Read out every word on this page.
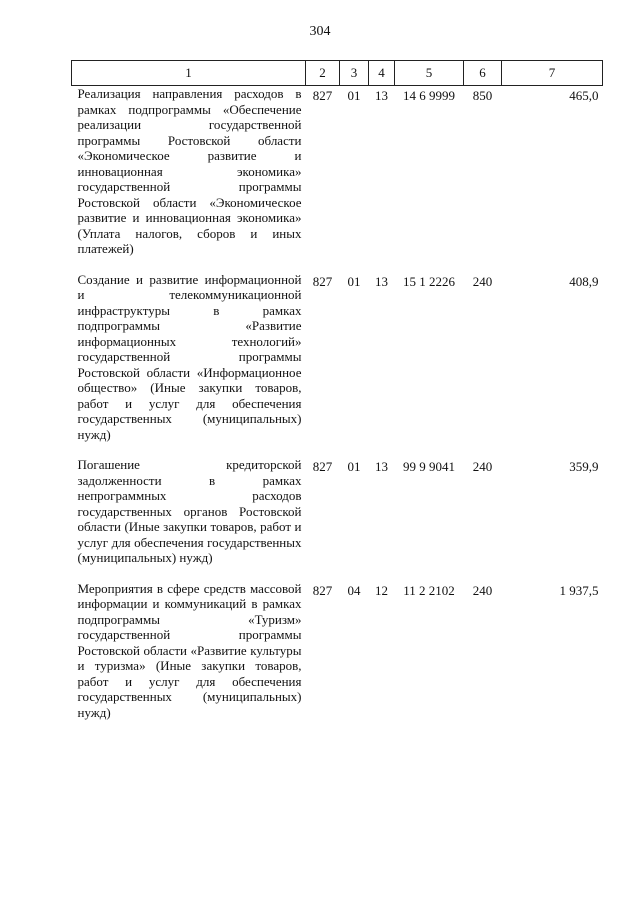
304
1	2	3	4	5	6	7
Реализация направления расходов в рамках подпрограммы «Обеспечение реализации государственной программы Ростовской области «Экономическое развитие и инновационная экономика» государственной программы Ростовской области «Экономическое развитие и инновационная экономика» (Уплата налогов, сборов и иных платежей)	827	01	13	14 6 9999	850	465,0

Создание и развитие информационной и телекоммуникационной инфраструктуры в рамках подпрограммы «Развитие информационных технологий» государственной программы Ростовской области «Информационное общество» (Иные закупки товаров, работ и услуг для обеспечения государственных (муниципальных) нужд)	827	01	13	15 1 2226	240	408,9

Погашение кредиторской задолженности в рамках непрограммных расходов государственных органов Ростовской области (Иные закупки товаров, работ и услуг для обеспечения государственных (муниципальных) нужд)	827	01	13	99 9 9041	240	359,9

Мероприятия в сфере средств массовой информации и коммуникаций в рамках подпрограммы «Туризм» государственной программы Ростовской области «Развитие культуры и туризма» (Иные закупки товаров, работ и услуг для обеспечения государственных (муниципальных) нужд)	827	04	12	11 2 2102	240	1 937,5
